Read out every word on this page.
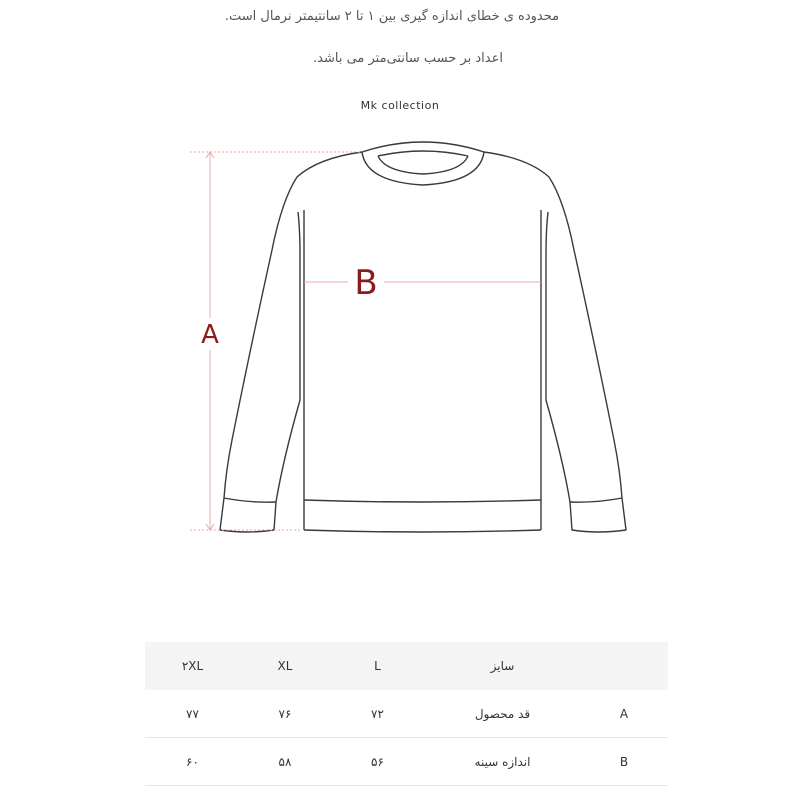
محدوده ی خطای اندازه گیری بین ۱ تا ۲ سانتیمتر نرمال است.
اعداد بر حسب سانتی‌متر می باشد.
Mk collection
A
B
۲XL	XL	L	سایز	
۷۷	۷۶	۷۲	قد محصول	A
۶۰	۵۸	۵۶	اندازه سینه	B
